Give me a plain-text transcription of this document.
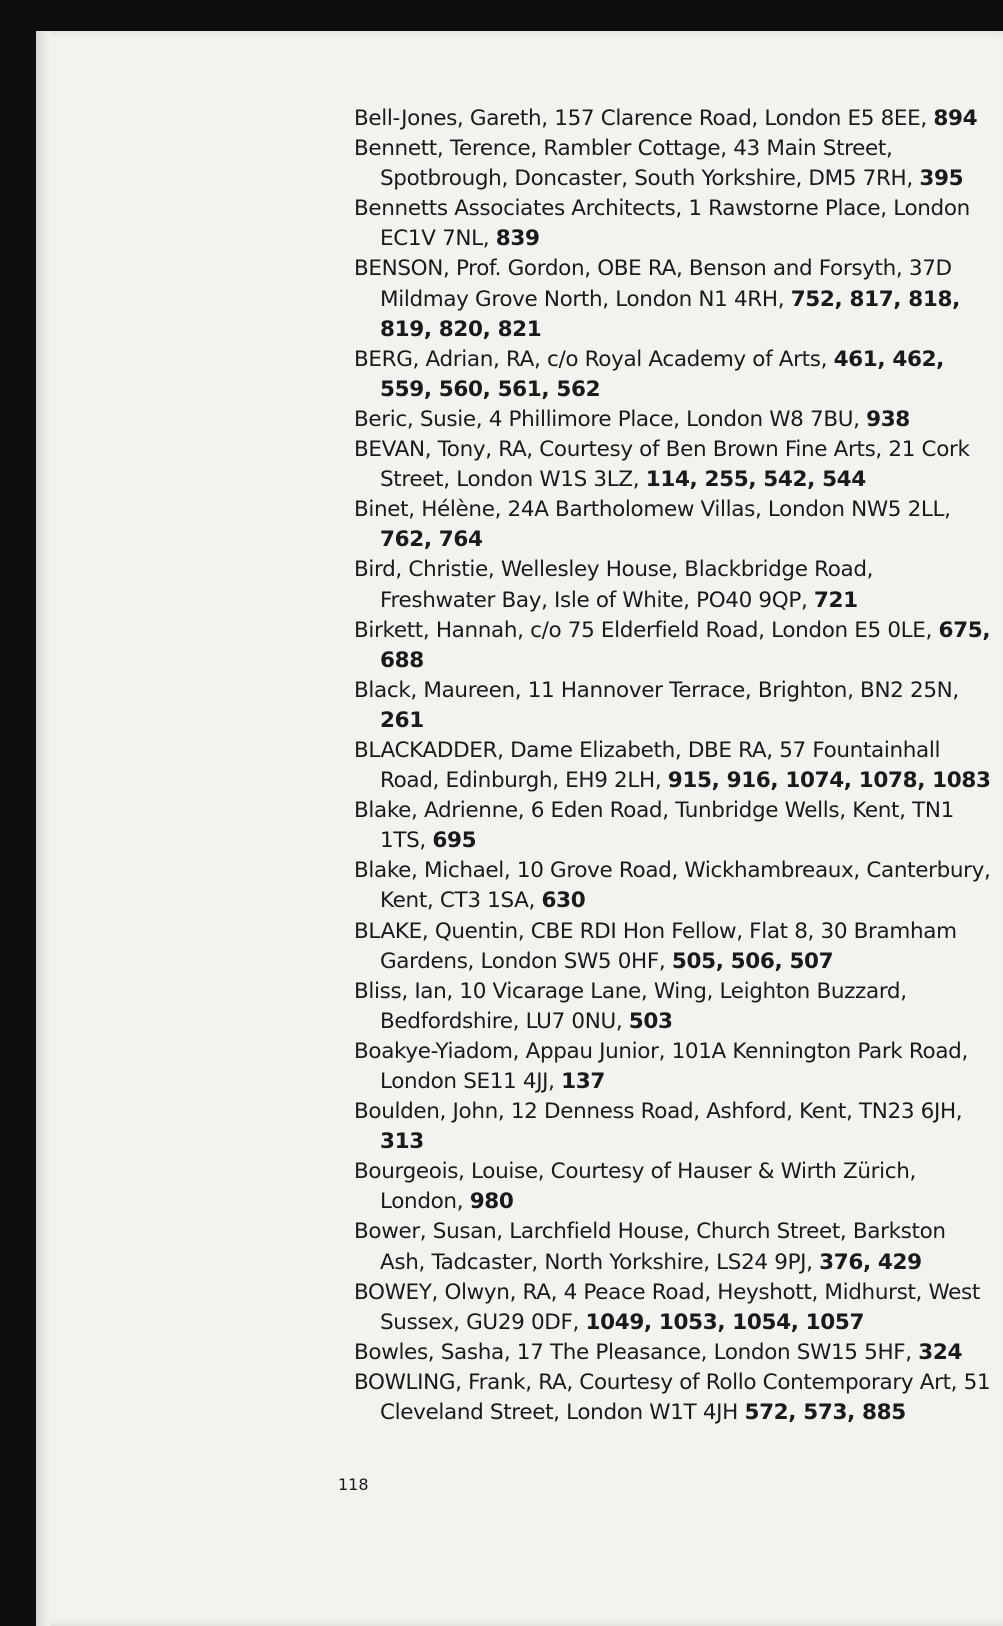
Bell-Jones, Gareth, 157 Clarence Road, London E5 8EE, 894

Bennett, Terence, Rambler Cottage, 43 Main Street, Spotbrough, Doncaster, South Yorkshire, DM5 7RH, 395

Bennetts Associates Architects, 1 Rawstorne Place, London EC1V 7NL, 839

BENSON, Prof. Gordon, OBE RA, Benson and Forsyth, 37D Mildmay Grove North, London N1 4RH, 752, 817, 818, 819, 820, 821

BERG, Adrian, RA, c/o Royal Academy of Arts, 461, 462, 559, 560, 561, 562

Beric, Susie, 4 Phillimore Place, London W8 7BU, 938

BEVAN, Tony, RA, Courtesy of Ben Brown Fine Arts, 21 Cork Street, London W1S 3LZ, 114, 255, 542, 544

Binet, Hélène, 24A Bartholomew Villas, London NW5 2LL, 762, 764

Bird, Christie, Wellesley House, Blackbridge Road, Freshwater Bay, Isle of White, PO40 9QP, 721

Birkett, Hannah, c/o 75 Elderfield Road, London E5 0LE, 675, 688

Black, Maureen, 11 Hannover Terrace, Brighton, BN2 25N, 261

BLACKADDER, Dame Elizabeth, DBE RA, 57 Fountainhall Road, Edinburgh, EH9 2LH, 915, 916, 1074, 1078, 1083

Blake, Adrienne, 6 Eden Road, Tunbridge Wells, Kent, TN1 1TS, 695

Blake, Michael, 10 Grove Road, Wickhambreaux, Canterbury, Kent, CT3 1SA, 630

BLAKE, Quentin, CBE RDI Hon Fellow, Flat 8, 30 Bramham Gardens, London SW5 0HF, 505, 506, 507

Bliss, Ian, 10 Vicarage Lane, Wing, Leighton Buzzard, Bedfordshire, LU7 0NU, 503

Boakye-Yiadom, Appau Junior, 101A Kennington Park Road, London SE11 4JJ, 137

Boulden, John, 12 Denness Road, Ashford, Kent, TN23 6JH, 313

Bourgeois, Louise, Courtesy of Hauser & Wirth Zürich, London, 980

Bower, Susan, Larchfield House, Church Street, Barkston Ash, Tadcaster, North Yorkshire, LS24 9PJ, 376, 429

BOWEY, Olwyn, RA, 4 Peace Road, Heyshott, Midhurst, West Sussex, GU29 0DF, 1049, 1053, 1054, 1057

Bowles, Sasha, 17 The Pleasance, London SW15 5HF, 324

BOWLING, Frank, RA, Courtesy of Rollo Contemporary Art, 51 Cleveland Street, London W1T 4JH 572, 573, 885

118
